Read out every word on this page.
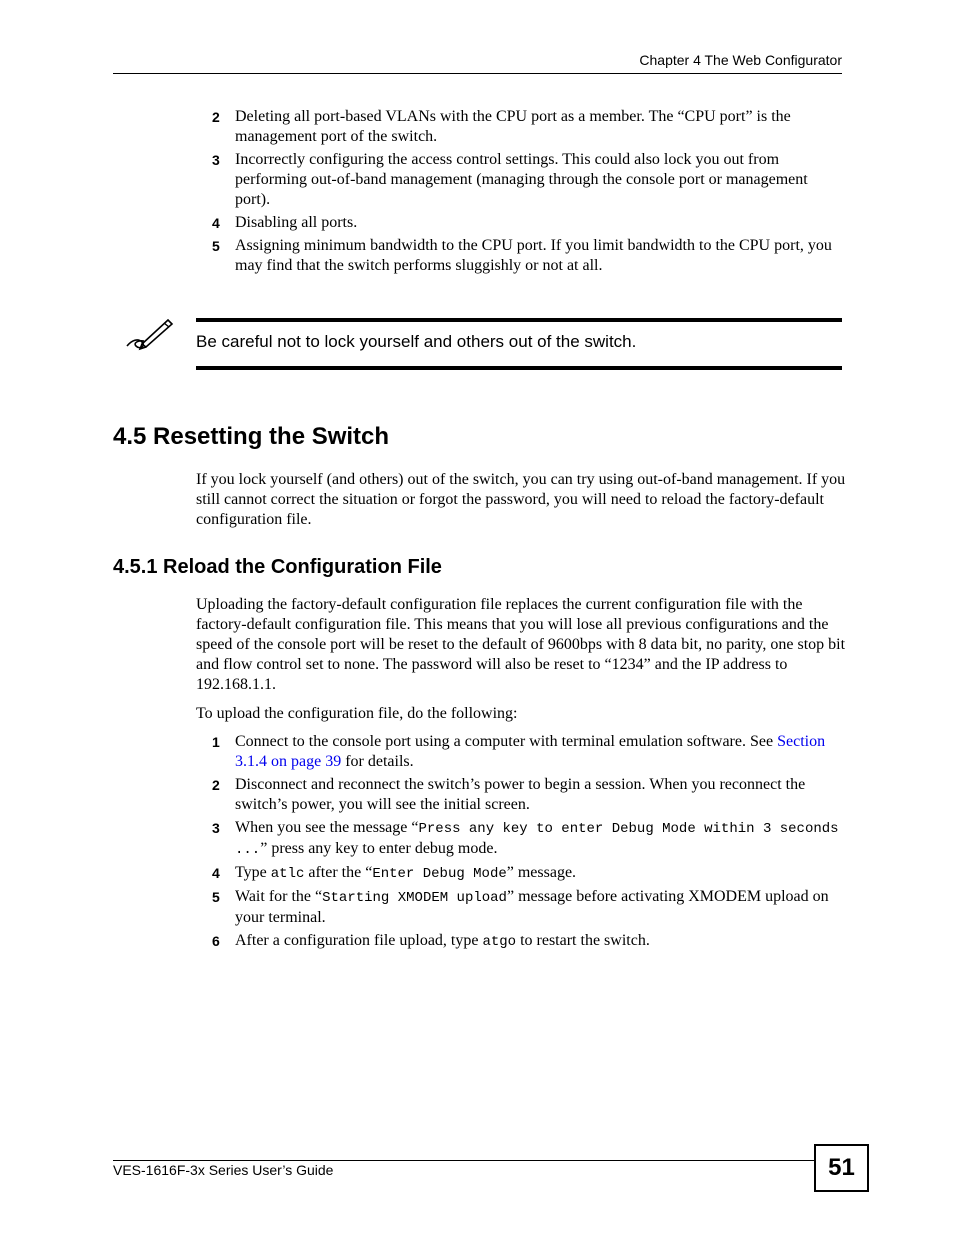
Chapter 4 The Web Configurator
2 Deleting all port-based VLANs with the CPU port as a member. The “CPU port” is the management port of the switch.
3 Incorrectly configuring the access control settings. This could also lock you out from performing out-of-band management (managing through the console port or management port).
4 Disabling all ports.
5 Assigning minimum bandwidth to the CPU port. If you limit bandwidth to the CPU port, you may find that the switch performs sluggishly or not at all.
Be careful not to lock yourself and others out of the switch.
4.5 Resetting the Switch

If you lock yourself (and others) out of the switch, you can try using out-of-band management. If you still cannot correct the situation or forgot the password, you will need to reload the factory-default configuration file.

4.5.1 Reload the Configuration File

Uploading the factory-default configuration file replaces the current configuration file with the factory-default configuration file. This means that you will lose all previous configurations and the speed of the console port will be reset to the default of 9600bps with 8 data bit, no parity, one stop bit and flow control set to none. The password will also be reset to “1234” and the IP address to 192.168.1.1.

To upload the configuration file, do the following:

1 Connect to the console port using a computer with terminal emulation software. See Section 3.1.4 on page 39 for details.
2 Disconnect and reconnect the switch’s power to begin a session. When you reconnect the switch’s power, you will see the initial screen.
3 When you see the message “Press any key to enter Debug Mode within 3 seconds ...” press any key to enter debug mode.
4 Type atlc after the “Enter Debug Mode” message.
5 Wait for the “Starting XMODEM upload” message before activating XMODEM upload on your terminal.
6 After a configuration file upload, type atgo to restart the switch.
VES-1616F-3x Series User’s Guide	51
